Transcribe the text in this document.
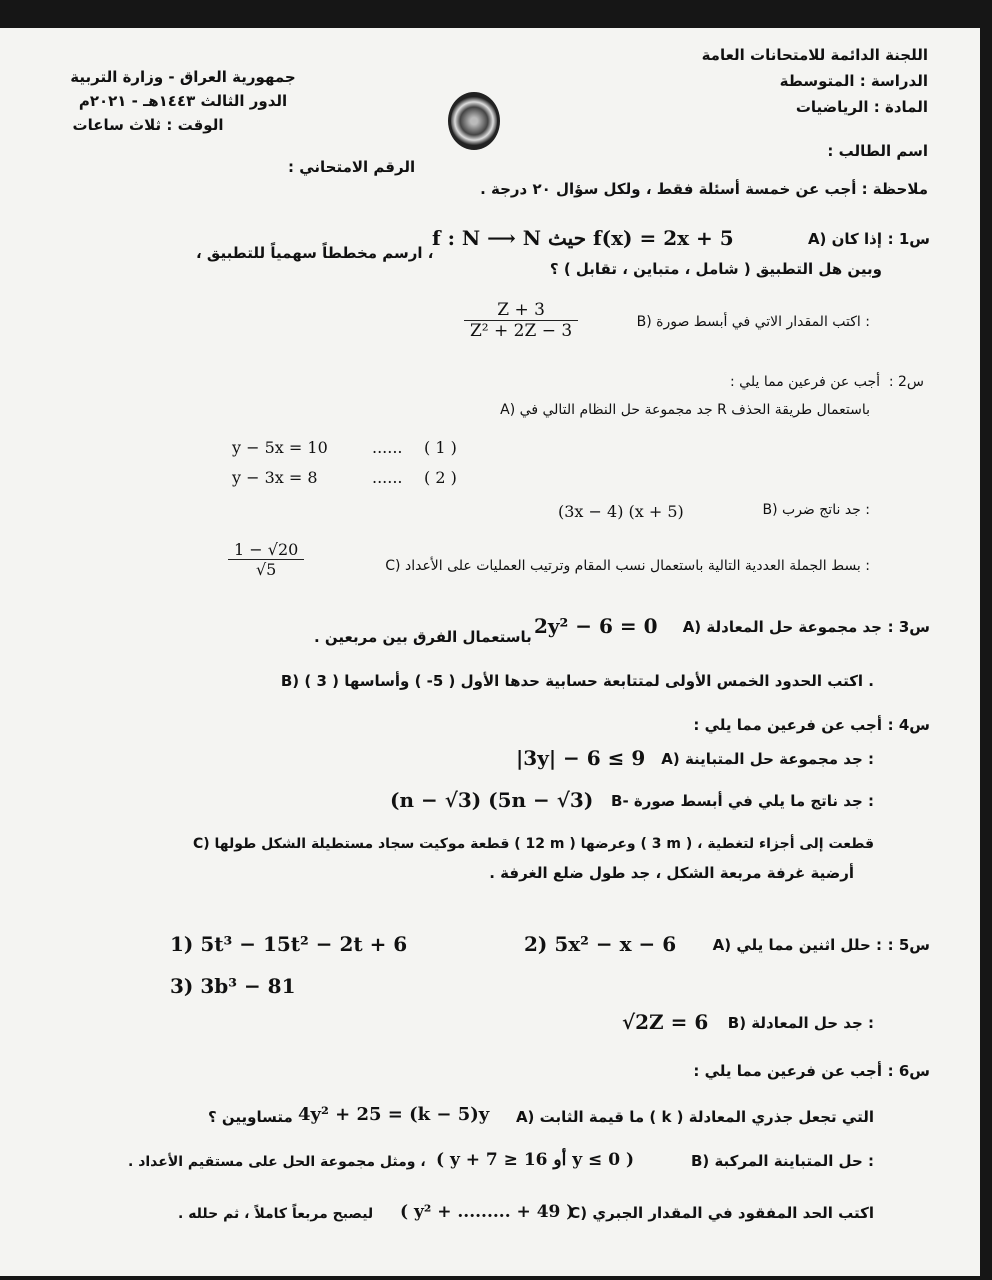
اللجنة الدائمة للامتحانات العامة
الدراسة : المتوسطة
المادة : الرياضيات
جمهورية العراق - وزارة التربية
الدور الثالث ١٤٤٣هـ - ٢٠٢١م
الوقت : ثلاث ساعات
اسم الطالب :
الرقم الامتحاني :
ملاحظة : أجب عن خمسة أسئلة فقط ، ولكل سؤال ٢٠ درجة .
س1 :
A) إذا كان
f : N ⟶ N حيث f(x) = 2x + 5
، ارسم مخططاً سهمياً للتطبيق ،
وبين هل التطبيق ( شامل ، متباين ، تقابل ) ؟
B) اكتب المقدار الاتي في أبسط صورة :
Z + 3
Z² + 2Z − 3
س2 :
أجب عن فرعين مما يلي :
A) جد مجموعة حل النظام التالي في R باستعمال طريقة الحذف
y − 5x = 10	...... ( 1 )
y − 3x = 8	...... ( 2 )
B) جد ناتج ضرب :
(3x − 4) (x + 5)
C) بسط الجملة العددية التالية باستعمال نسب المقام وترتيب العمليات على الأعداد :
1 − √20
√5
س3 :
A) جد مجموعة حل المعادلة
2y² − 6 = 0
باستعمال الفرق بين مربعين .
B) اكتب الحدود الخمس الأولى لمتتابعة حسابية حدها الأول ( 5- ) وأساسها ( 3 ) .
س4 :
أجب عن فرعين مما يلي :
A) جد مجموعة حل المتباينة :
|3y| − 6 ≤ 9
B- جد ناتج ما يلي في أبسط صورة :
(n − √3) (5n − √3)
C) قطعة موكيت سجاد مستطيلة الشكل طولها ( 12 m ) وعرضها ( 3 m ) ، قطعت إلى أجزاء لتغطية
أرضية غرفة مربعة الشكل ، جد طول ضلع الغرفة .
س5 :
A) حلل اثنين مما يلي :
2) 5x² − x − 6
1) 5t³ − 15t² − 2t + 6
3) 3b³ − 81
B) جد حل المعادلة :
√2Z = 6
س6 :
أجب عن فرعين مما يلي :
A) ما قيمة الثابت ( k ) التي تجعل جذري المعادلة
4y² + 25 = (k − 5)y
متساويين ؟
B) حل المتباينة المركبة :
( y + 7 ≥ 16 أو y ≤ 0 )
، ومثل مجموعة الحل على مستقيم الأعداد .
C) اكتب الحد المفقود في المقدار الجبري
( y² + ......... + 49 )
ليصبح مربعاً كاملاً ، ثم حلله .
